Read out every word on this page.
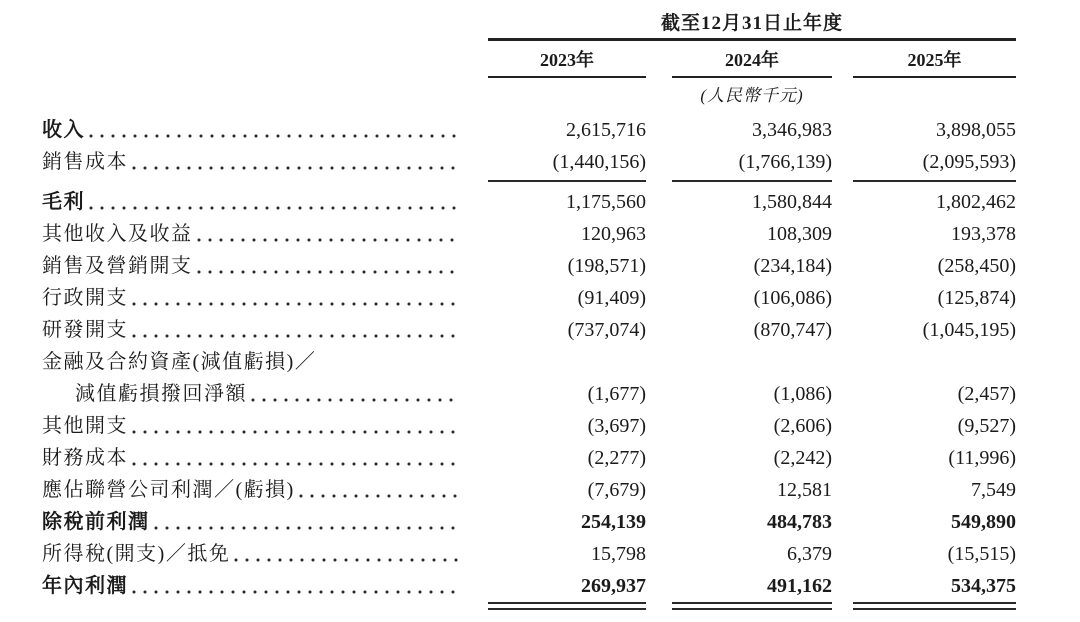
截至12月31日止年度
2023年	2024年	2025年
(人民幣千元)
收入	2,615,716	3,346,983	3,898,055
銷售成本	(1,440,156)	(1,766,139)	(2,095,593)
毛利	1,175,560	1,580,844	1,802,462
其他收入及收益	120,963	108,309	193,378
銷售及營銷開支	(198,571)	(234,184)	(258,450)
行政開支	(91,409)	(106,086)	(125,874)
研發開支	(737,074)	(870,747)	(1,045,195)
金融及合約資產(減值虧損)／
減值虧損撥回淨額	(1,677)	(1,086)	(2,457)
其他開支	(3,697)	(2,606)	(9,527)
財務成本	(2,277)	(2,242)	(11,996)
應佔聯營公司利潤／(虧損)	(7,679)	12,581	7,549
除稅前利潤	254,139	484,783	549,890
所得稅(開支)／抵免	15,798	6,379	(15,515)
年內利潤	269,937	491,162	534,375
